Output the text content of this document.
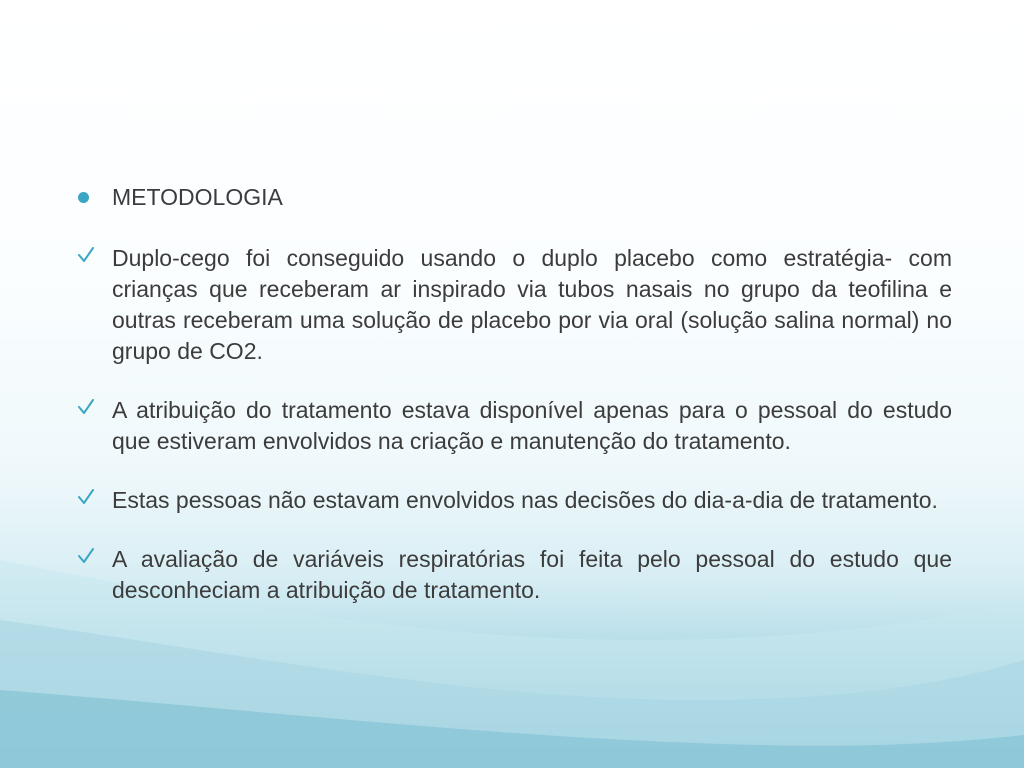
METODOLOGIA
Duplo-cego foi conseguido usando o duplo placebo como estratégia- com crianças que receberam ar inspirado via tubos nasais no grupo da teofilina e outras receberam uma solução de placebo por via oral (solução salina normal) no grupo de CO2.
A atribuição do tratamento estava disponível apenas para o pessoal do estudo que estiveram envolvidos na criação e manutenção do tratamento.
Estas pessoas não estavam envolvidos nas decisões do dia-a-dia de tratamento.
A avaliação de variáveis respiratórias foi feita pelo pessoal do estudo que desconheciam a atribuição de tratamento.
